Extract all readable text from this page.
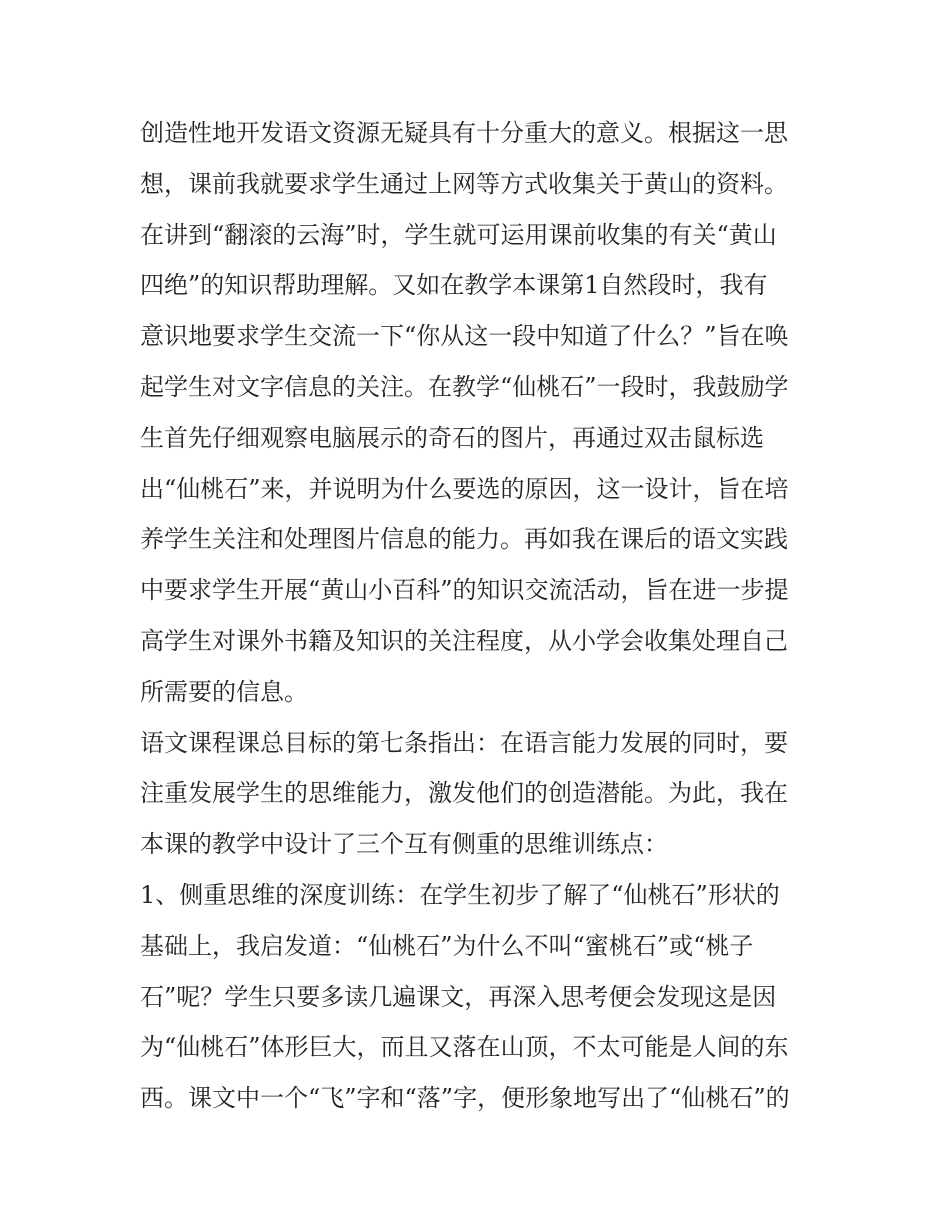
创造性地开发语文资源无疑具有十分重大的意义。根据这一思
想，课前我就要求学生通过上网等方式收集关于黄山的资料。
在讲到“翻滚的云海”时，学生就可运用课前收集的有关“黄山
四绝”的知识帮助理解。又如在教学本课第1自然段时，我有
意识地要求学生交流一下“你从这一段中知道了什么？”旨在唤
起学生对文字信息的关注。在教学“仙桃石”一段时，我鼓励学
生首先仔细观察电脑展示的奇石的图片，再通过双击鼠标选
出“仙桃石”来，并说明为什么要选的原因，这一设计，旨在培
养学生关注和处理图片信息的能力。再如我在课后的语文实践
中要求学生开展“黄山小百科”的知识交流活动，旨在进一步提
高学生对课外书籍及知识的关注程度，从小学会收集处理自己
所需要的信息。
语文课程课总目标的第七条指出：在语言能力发展的同时，要
注重发展学生的思维能力，激发他们的创造潜能。为此，我在
本课的教学中设计了三个互有侧重的思维训练点：
1、侧重思维的深度训练：在学生初步了解了“仙桃石”形状的
基础上，我启发道：“仙桃石”为什么不叫“蜜桃石”或“桃子
石”呢？学生只要多读几遍课文，再深入思考便会发现这是因
为“仙桃石”体形巨大，而且又落在山顶，不太可能是人间的东
西。课文中一个“飞”字和“落”字，便形象地写出了“仙桃石”的
